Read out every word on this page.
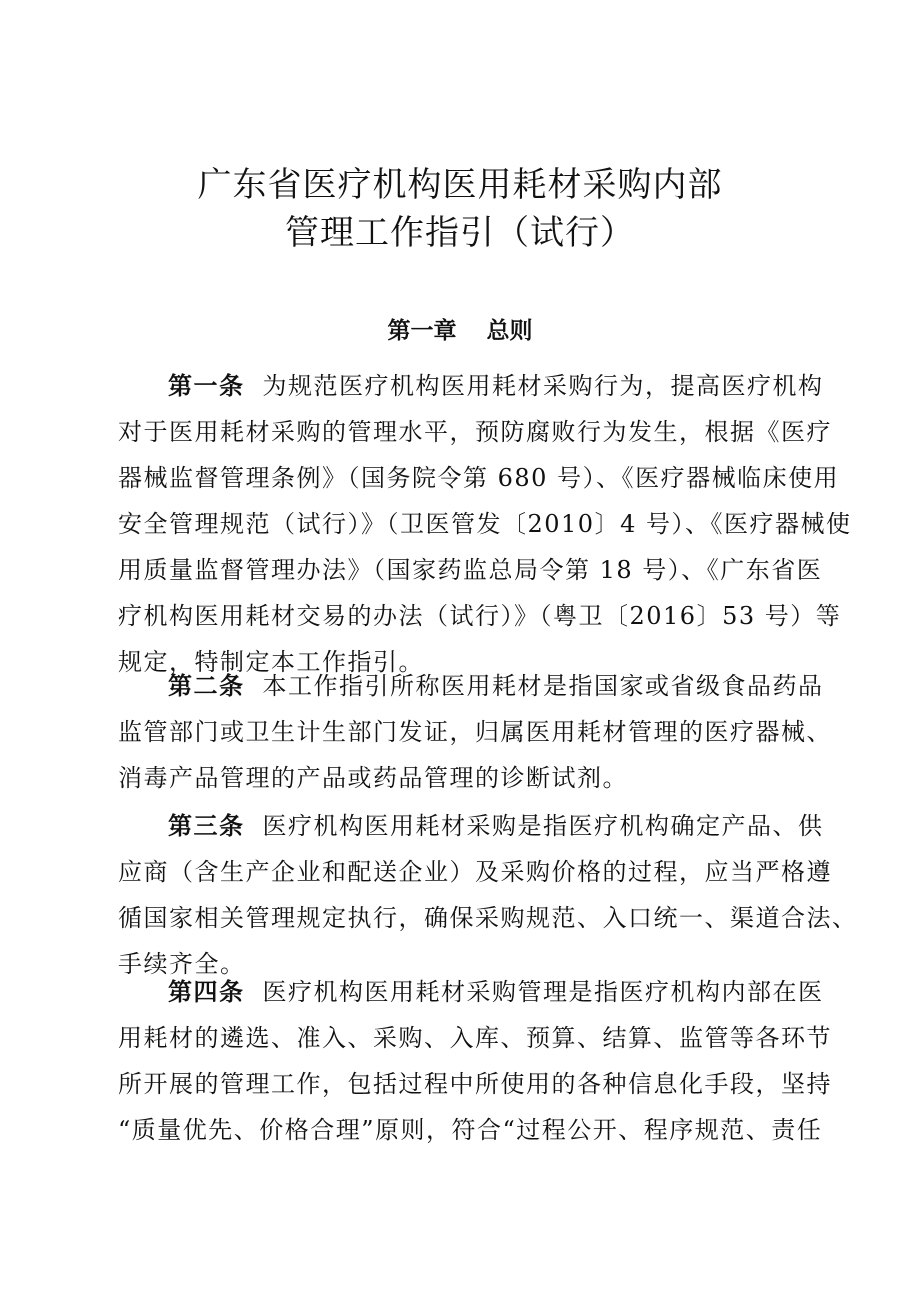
广东省医疗机构医用耗材采购内部
管理工作指引（试行）
第一章 总则
第一条 为规范医疗机构医用耗材采购行为，提高医疗机构
对于医用耗材采购的管理水平，预防腐败行为发生，根据《医疗
器械监督管理条例》（国务院令第 680 号）、《医疗器械临床使用
安全管理规范（试行）》（卫医管发〔2010〕4 号）、《医疗器械使
用质量监督管理办法》（国家药监总局令第 18 号）、《广东省医
疗机构医用耗材交易的办法（试行）》（粤卫〔2016〕53 号）等
规定，特制定本工作指引。
第二条 本工作指引所称医用耗材是指国家或省级食品药品
监管部门或卫生计生部门发证，归属医用耗材管理的医疗器械、
消毒产品管理的产品或药品管理的诊断试剂。
第三条 医疗机构医用耗材采购是指医疗机构确定产品、供
应商（含生产企业和配送企业）及采购价格的过程，应当严格遵
循国家相关管理规定执行，确保采购规范、入口统一、渠道合法、
手续齐全。
第四条 医疗机构医用耗材采购管理是指医疗机构内部在医
用耗材的遴选、准入、采购、入库、预算、结算、监管等各环节
所开展的管理工作，包括过程中所使用的各种信息化手段，坚持
“质量优先、价格合理”原则，符合“过程公开、程序规范、责任
